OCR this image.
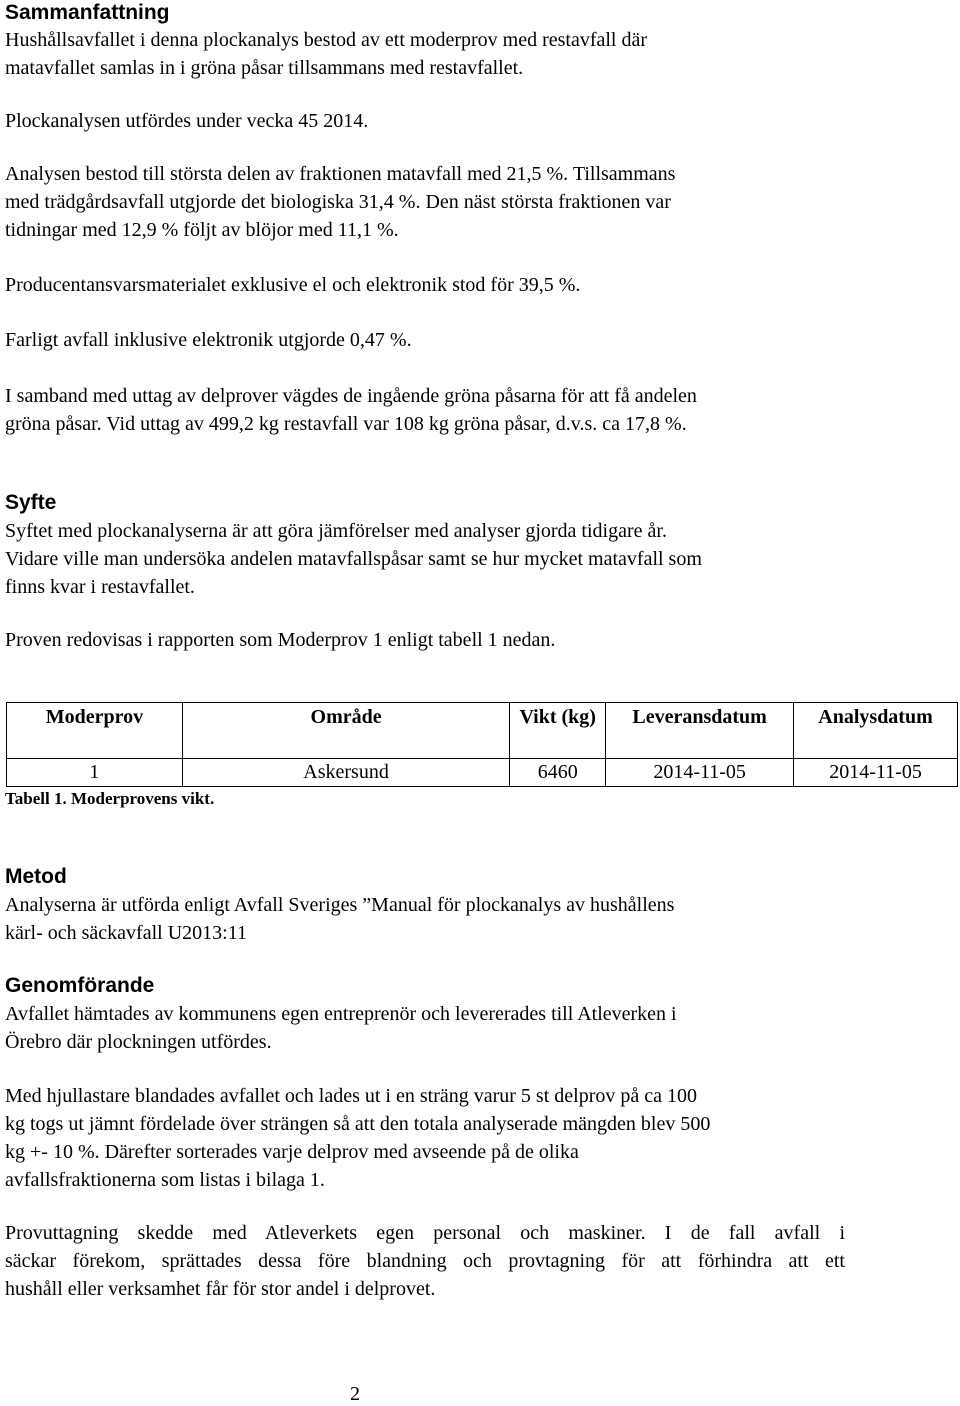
Sammanfattning
Hushållsavfallet i denna plockanalys bestod av ett moderprov med restavfall där
matavfallet samlas in i gröna påsar tillsammans med restavfallet.
Plockanalysen utfördes under vecka 45 2014.
Analysen bestod till största delen av fraktionen matavfall med 21,5 %. Tillsammans
med trädgårdsavfall utgjorde det biologiska 31,4 %. Den näst största fraktionen var
tidningar med 12,9 % följt av blöjor med 11,1 %.
Producentansvarsmaterialet exklusive el och elektronik stod för 39,5 %.
Farligt avfall inklusive elektronik utgjorde 0,47 %.
I samband med uttag av delprover vägdes de ingående gröna påsarna för att få andelen
gröna påsar. Vid uttag av 499,2 kg restavfall var 108 kg gröna påsar, d.v.s. ca 17,8 %.
Syfte
Syftet med plockanalyserna är att göra jämförelser med analyser gjorda tidigare år.
Vidare ville man undersöka andelen matavfallspåsar samt se hur mycket matavfall som
finns kvar i restavfallet.
Proven redovisas i rapporten som Moderprov 1 enligt tabell 1 nedan.
Moderprov	Område	Vikt (kg)	Leveransdatum	Analysdatum
1	Askersund	6460	2014-11-05	2014-11-05
Tabell 1. Moderprovens vikt.
Metod
Analyserna är utförda enligt Avfall Sveriges ”Manual för plockanalys av hushållens
kärl- och säckavfall U2013:11
Genomförande
Avfallet hämtades av kommunens egen entreprenör och levererades till Atleverken i
Örebro där plockningen utfördes.
Med hjullastare blandades avfallet och lades ut i en sträng varur 5 st delprov på ca 100
kg togs ut jämnt fördelade över strängen så att den totala analyserade mängden blev 500
kg +- 10 %. Därefter sorterades varje delprov med avseende på de olika
avfallsfraktionerna som listas i bilaga 1.
Provuttagning skedde med Atleverkets egen personal och maskiner. I de fall avfall i
säckar förekom, sprättades dessa före blandning och provtagning för att förhindra att ett
hushåll eller verksamhet får för stor andel i delprovet.
2
